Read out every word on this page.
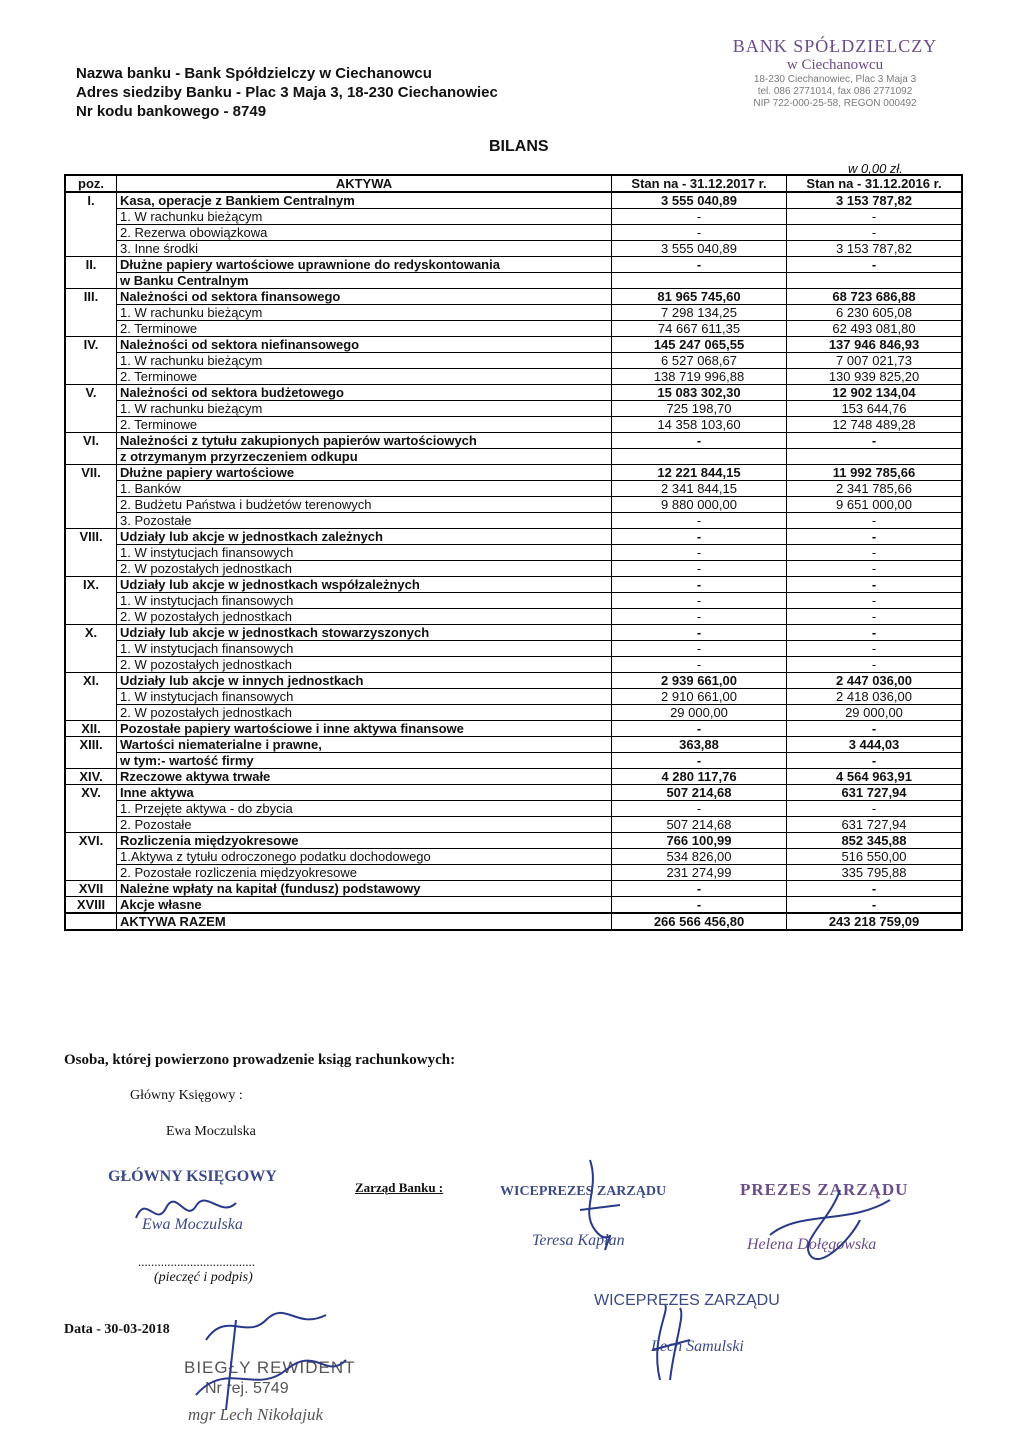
Nazwa banku - Bank Spółdzielczy w Ciechanowcu
Adres siedziby Banku - Plac 3 Maja 3, 18-230 Ciechanowiec
Nr kodu bankowego - 8749
BANK SPÓŁDZIELCZY
w Ciechanowcu
18-230 Ciechanowiec, Plac 3 Maja 3
tel. 086 2771014, fax 086 2771092
NIP 722-000-25-58, REGON 000492
BILANS
w 0,00 zł.
poz.	AKTYWA	Stan na - 31.12.2017 r.	Stan na - 31.12.2016 r.
I.	Kasa, operacje z Bankiem Centralnym	3 555 040,89	3 153 787,82
	1. W rachunku bieżącym	-	-
	2. Rezerwa obowiązkowa	-	-
	3. Inne środki	3 555 040,89	3 153 787,82
II.	Dłużne papiery wartościowe uprawnione do redyskontowania	-	-
	w Banku Centralnym		
III.	Należności od sektora finansowego	81 965 745,60	68 723 686,88
	1. W rachunku bieżącym	7 298 134,25	6 230 605,08
	2. Terminowe	74 667 611,35	62 493 081,80
IV.	Należności od sektora niefinansowego	145 247 065,55	137 946 846,93
	1. W rachunku bieżącym	6 527 068,67	7 007 021,73
	2. Terminowe	138 719 996,88	130 939 825,20
V.	Należności od sektora budżetowego	15 083 302,30	12 902 134,04
	1. W rachunku bieżącym	725 198,70	153 644,76
	2. Terminowe	14 358 103,60	12 748 489,28
VI.	Należności z tytułu zakupionych papierów wartościowych	-	-
	z otrzymanym przyrzeczeniem odkupu		
VII.	Dłużne papiery wartościowe	12 221 844,15	11 992 785,66
	1. Banków	2 341 844,15	2 341 785,66
	2. Budżetu Państwa i budżetów terenowych	9 880 000,00	9 651 000,00
	3. Pozostałe	-	-
VIII.	Udziały lub akcje w jednostkach zależnych	-	-
	1. W instytucjach finansowych	-	-
	2. W pozostałych jednostkach	-	-
IX.	Udziały lub akcje w jednostkach współzależnych	-	-
	1. W instytucjach finansowych	-	-
	2. W pozostałych jednostkach	-	-
X.	Udziały lub akcje w jednostkach stowarzyszonych	-	-
	1. W instytucjach finansowych	-	-
	2. W pozostałych jednostkach	-	-
XI.	Udziały lub akcje w innych jednostkach	2 939 661,00	2 447 036,00
	1. W instytucjach finansowych	2 910 661,00	2 418 036,00
	2. W pozostałych jednostkach	29 000,00	29 000,00
XII.	Pozostałe papiery wartościowe i inne aktywa finansowe	-	-
XIII.	Wartości niematerialne i prawne,	363,88	3 444,03
	w tym:- wartość firmy	-	-
XIV.	Rzeczowe aktywa trwałe	4 280 117,76	4 564 963,91
XV.	Inne aktywa	507 214,68	631 727,94
	1. Przejęte aktywa - do zbycia	-	-
	2. Pozostałe	507 214,68	631 727,94
XVI.	Rozliczenia międzyokresowe	766 100,99	852 345,88
	1.Aktywa z tytułu odroczonego podatku dochodowego	534 826,00	516 550,00
	2. Pozostałe rozliczenia międzyokresowe	231 274,99	335 795,88
XVII	Należne wpłaty na kapitał (fundusz) podstawowy	-	-
XVIII	Akcje własne	-	-
	AKTYWA RAZEM	266 566 456,80	243 218 759,09
Osoba, której powierzono prowadzenie ksiąg rachunkowych:
Główny Księgowy :
Ewa Moczulska
GŁÓWNY KSIĘGOWY
Ewa Moczulska
....................................
(pieczęć i podpis)
Zarząd Banku :	WICEPREZES ZARZĄDU
Teresa Kapłan
PREZES ZARZĄDU
Helena Dołęgowska
WICEPREZES ZARZĄDU
Lech Samulski
Data - 30-03-2018
BIEGŁY REWIDENT
Nr rej. 5749
mgr Lech Nikołajuk
